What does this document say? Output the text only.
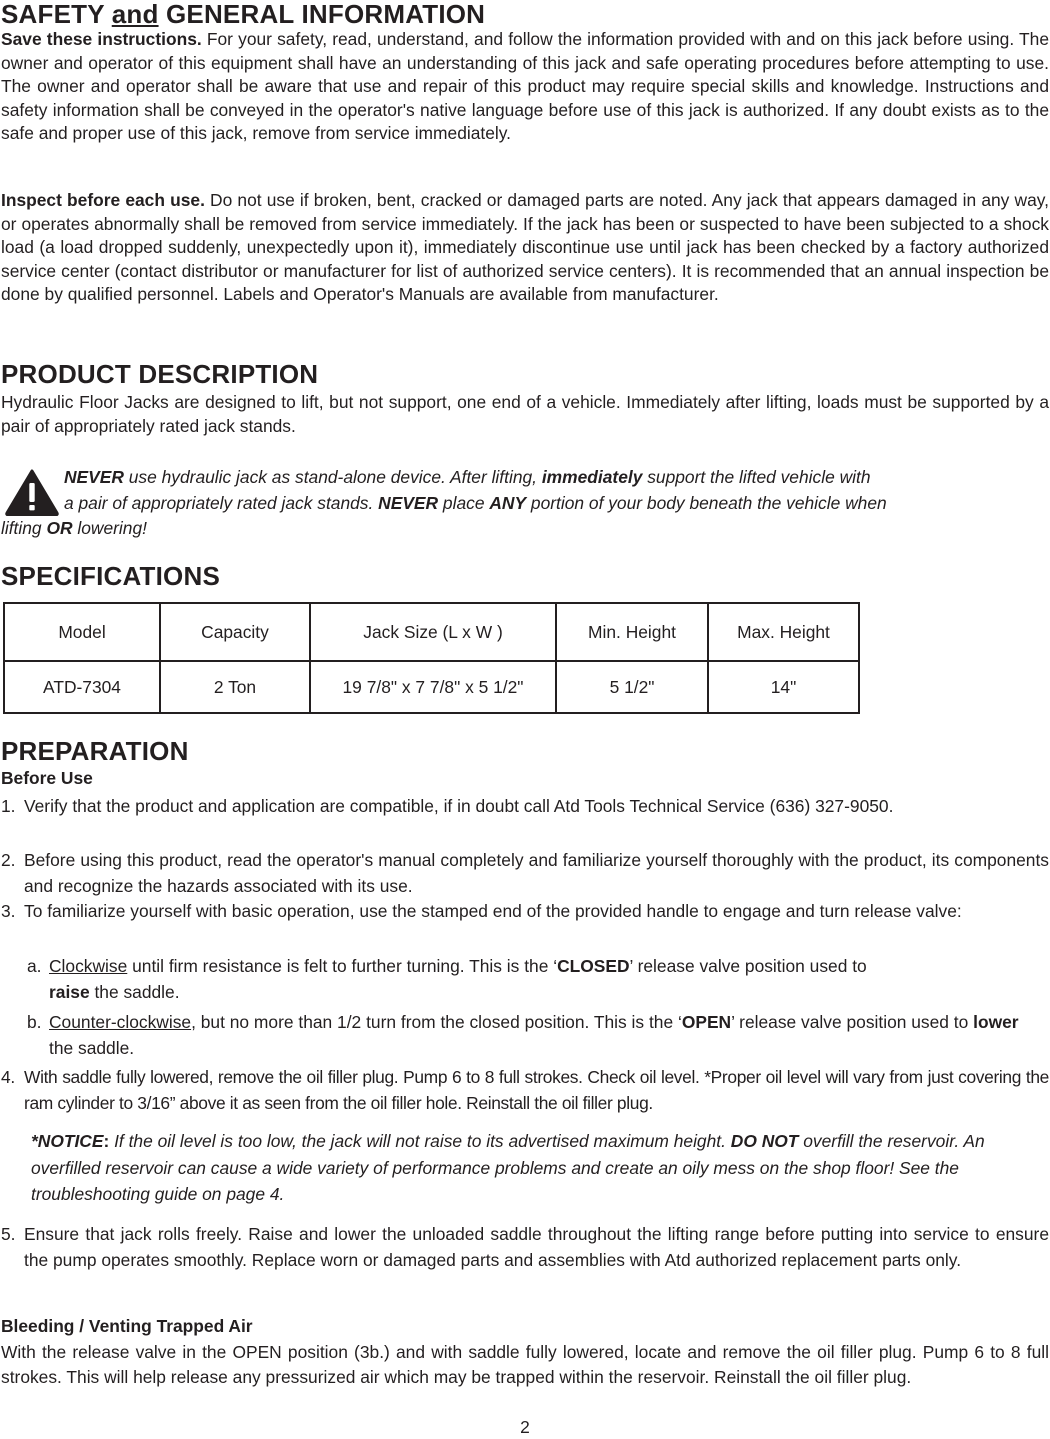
SAFETY and GENERAL INFORMATION

Save these instructions. For your safety, read, understand, and follow the information provided with and on this jack before using. The owner and operator of this equipment shall have an understanding of this jack and safe operating procedures before attempting to use. The owner and operator shall be aware that use and repair of this product may require special skills and knowledge. Instructions and safety information shall be conveyed in the operator's native language before use of this jack is authorized. If any doubt exists as to the safe and proper use of this jack, remove from service immediately.

Inspect before each use. Do not use if broken, bent, cracked or damaged parts are noted. Any jack that appears damaged in any way, or operates abnormally shall be removed from service immediately. If the jack has been or suspected to have been subjected to a shock load (a load dropped suddenly, unexpectedly upon it), immediately discontinue use until jack has been checked by a factory authorized service center (contact distributor or manufacturer for list of authorized service centers). It is recommended that an annual inspection be done by qualified personnel. Labels and Operator's Manuals are available from manufacturer.

PRODUCT DESCRIPTION

Hydraulic Floor Jacks are designed to lift, but not support, one end of a vehicle. Immediately after lifting, loads must be supported by a pair of appropriately rated jack stands.

NEVER use hydraulic jack as stand-alone device. After lifting, immediately support the lifted vehicle with
a pair of appropriately rated jack stands. NEVER place ANY portion of your body beneath the vehicle when
lifting OR lowering!
SPECIFICATIONS
Model	Capacity	Jack Size (L x W )	Min. Height	Max. Height
ATD-7304	2 Ton	19 7/8" x 7 7/8" x 5 1/2"	5 1/2"	14"
PREPARATION
Before Use
1. Verify that the product and application are compatible, if in doubt call Atd Tools Technical Service (636) 327-9050.
2. Before using this product, read the operator's manual completely and familiarize yourself thoroughly with the product, its components and recognize the hazards associated with its use.
3. To familiarize yourself with basic operation, use the stamped end of the provided handle to engage and turn release valve:
a. Clockwise until firm resistance is felt to further turning. This is the ‘CLOSED’ release valve position used to
raise the saddle.
b. Counter-clockwise, but no more than 1/2 turn from the closed position. This is the ‘OPEN’ release valve position used to lower the saddle.
4. With saddle fully lowered, remove the oil filler plug. Pump 6 to 8 full strokes. Check oil level. *Proper oil level will vary from just covering the ram cylinder to 3/16” above it as seen from the oil filler hole. Reinstall the oil filler plug.
*NOTICE: If the oil level is too low, the jack will not raise to its advertised maximum height. DO NOT overfill the reservoir. An overfilled reservoir can cause a wide variety of performance problems and create an oily mess on the shop floor! See the troubleshooting guide on page 4.
5. Ensure that jack rolls freely. Raise and lower the unloaded saddle throughout the lifting range before putting into service to ensure the pump operates smoothly. Replace worn or damaged parts and assemblies with Atd authorized replacement parts only.
Bleeding / Venting Trapped Air

With the release valve in the OPEN position (3b.) and with saddle fully lowered, locate and remove the oil filler plug. Pump 6 to 8 full strokes. This will help release any pressurized air which may be trapped within the reservoir. Reinstall the oil filler plug.

2
